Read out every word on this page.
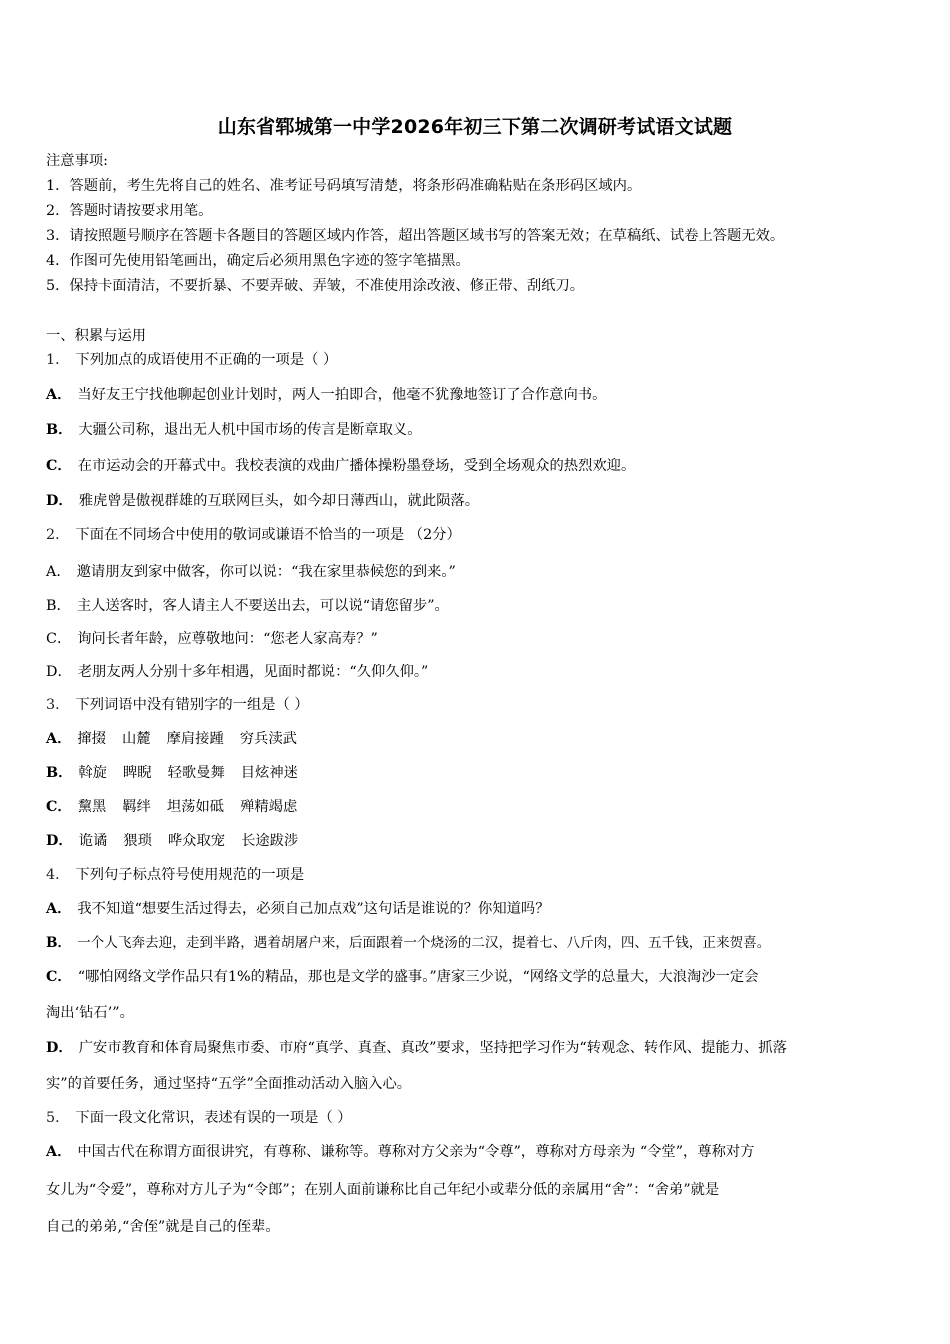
山东省郓城第一中学2026年初三下第二次调研考试语文试题
注意事项:
1．答题前，考生先将自己的姓名、准考证号码填写清楚，将条形码准确粘贴在条形码区域内。
2．答题时请按要求用笔。
3．请按照题号顺序在答题卡各题目的答题区域内作答，超出答题区域书写的答案无效；在草稿纸、试卷上答题无效。
4．作图可先使用铅笔画出，确定后必须用黑色字迹的签字笔描黑。
5．保持卡面清洁，不要折暴、不要弄破、弄皱，不准使用涂改液、修正带、刮纸刀。
一、积累与运用
1． 下列加点的成语使用不正确的一项是（ ）
A． 当好友王宁找他聊起创业计划时，两人一拍即合，他毫不犹豫地签订了合作意向书。
B． 大疆公司称，退出无人机中国市场的传言是断章取义。
C． 在市运动会的开幕式中。我校表演的戏曲广播体操粉墨登场，受到全场观众的热烈欢迎。
D． 雅虎曾是傲视群雄的互联网巨头，如今却日薄西山，就此陨落。
2． 下面在不同场合中使用的敬词或谦语不恰当的一项是 （2分）
A． 邀请朋友到家中做客，你可以说：“我在家里恭候您的到来。”
B． 主人送客时，客人请主人不要送出去，可以说“请您留步”。
C． 询问长者年龄，应尊敬地问：“您老人家高寿？”
D． 老朋友两人分别十多年相遇，见面时都说：“久仰久仰。”
3． 下列词语中没有错别字的一组是（ ）
A． 撺掇 山麓 摩肩接踵 穷兵渎武
B． 斡旋 睥睨 轻歌曼舞 目炫神迷
C． 黧黑 羁绊 坦荡如砥 殚精竭虑
D． 诡谲 猥琐 哗众取宠 长途跋涉
4． 下列句子标点符号使用规范的一项是
A． 我不知道“想要生活过得去，必须自己加点戏”这句话是谁说的？你知道吗？
B． 一个人飞奔去迎，走到半路，遇着胡屠户来，后面跟着一个烧汤的二汉，提着七、八斤肉，四、五千钱，正来贺喜。
C． “哪怕网络文学作品只有1%的精品，那也是文学的盛事。”唐家三少说，“网络文学的总量大，大浪淘沙一定会
淘出‘钻石’”。
D． 广安市教育和体育局聚焦市委、市府“真学、真查、真改”要求，坚持把学习作为“转观念、转作风、提能力、抓落
实”的首要任务，通过坚持“五学”全面推动活动入脑入心。
5． 下面一段文化常识，表述有误的一项是（ ）
A． 中国古代在称谓方面很讲究，有尊称、谦称等。尊称对方父亲为“令尊”，尊称对方母亲为 “令堂”，尊称对方
女儿为“令爱”，尊称对方儿子为“令郎”；在别人面前谦称比自己年纪小或辈分低的亲属用“舍”：“舍弟”就是
自己的弟弟,“舍侄”就是自己的侄辈。
